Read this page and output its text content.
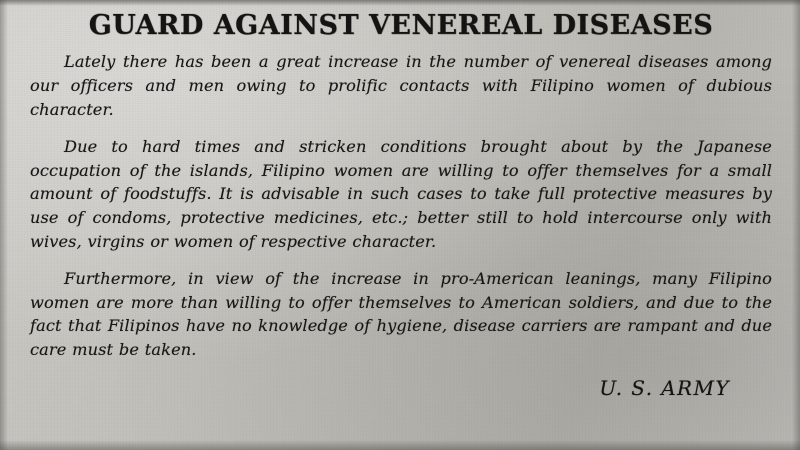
GUARD AGAINST VENEREAL DISEASES

Lately there has been a great increase in the number of venereal diseases among our officers and men owing to prolific contacts with Filipino women of dubious character.

Due to hard times and stricken conditions brought about by the Japanese occupation of the islands, Filipino women are willing to offer themselves for a small amount of foodstuffs. It is advisable in such cases to take full protective measures by use of condoms, protective medicines, etc.; better still to hold intercourse only with wives, virgins or women of respective character.

Furthermore, in view of the increase in pro-American leanings, many Filipino women are more than willing to offer themselves to American soldiers, and due to the fact that Filipinos have no knowledge of hygiene, disease carriers are rampant and due care must be taken.

U. S. ARMY
